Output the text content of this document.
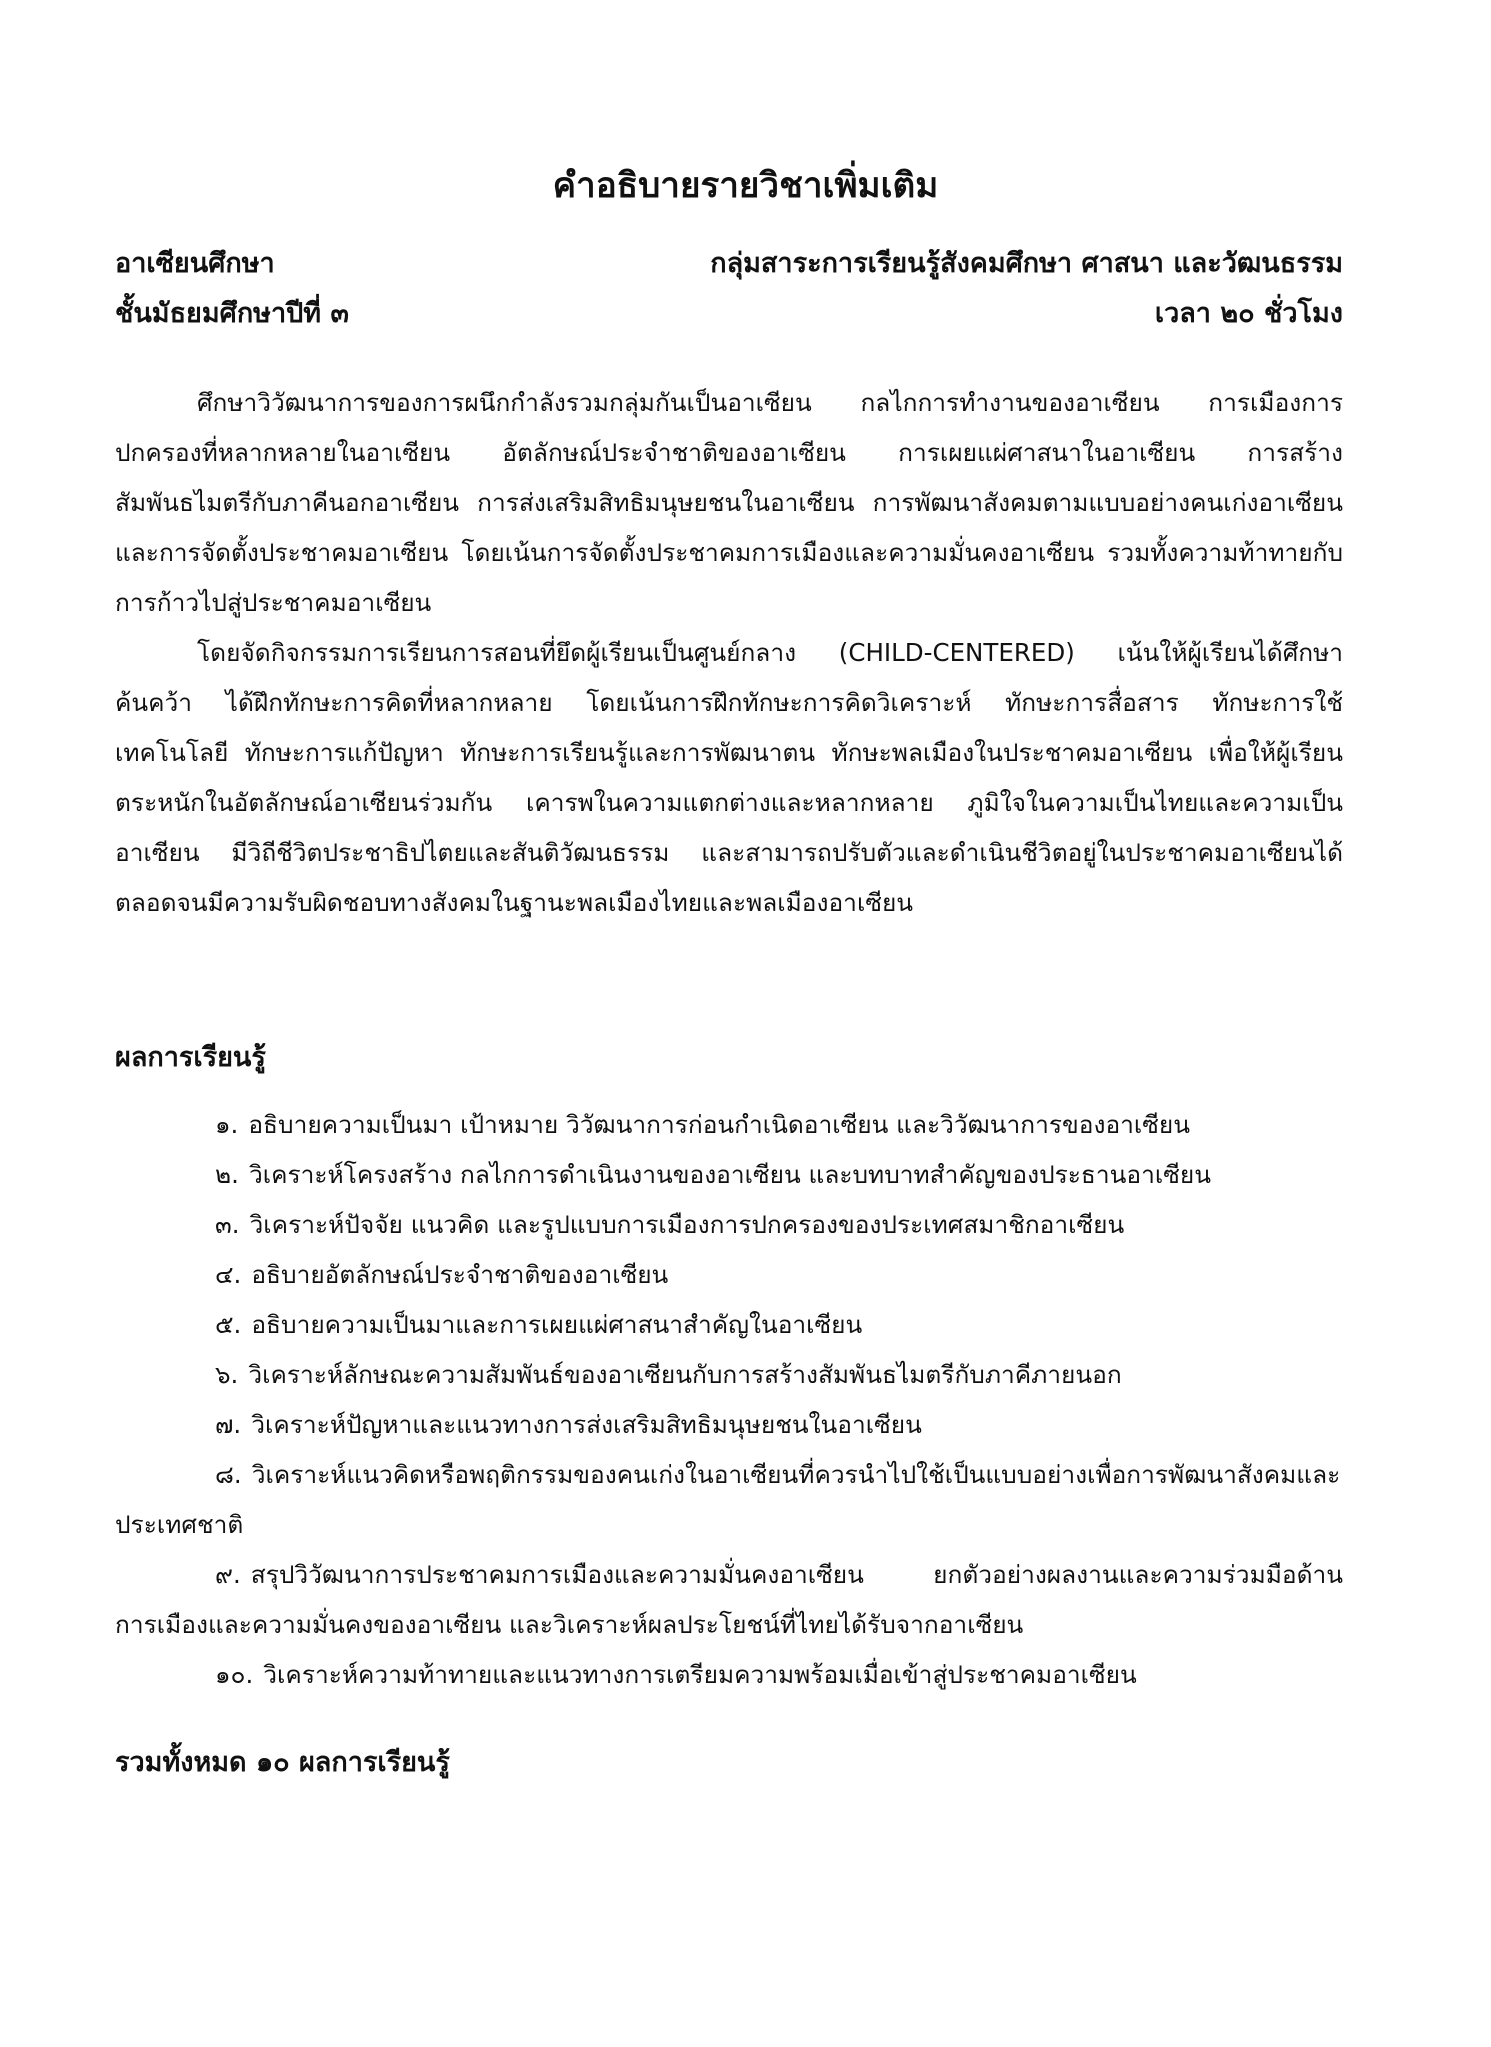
คำอธิบายรายวิชาเพิ่มเติม
อาเซียนศึกษา	กลุ่มสาระการเรียนรู้สังคมศึกษา ศาสนา และวัฒนธรรม
ชั้นมัธยมศึกษาปีที่ ๓	เวลา ๒๐ ชั่วโมง

ศึกษาวิวัฒนาการของการผนึกกำลังรวมกลุ่มกันเป็นอาเซียน กลไกการทำงานของอาเซียน การเมืองการปกครองที่หลากหลายในอาเซียน อัตลักษณ์ประจำชาติของอาเซียน การเผยแผ่ศาสนาในอาเซียน การสร้างสัมพันธไมตรีกับภาคีนอกอาเซียน การส่งเสริมสิทธิมนุษยชนในอาเซียน การพัฒนาสังคมตามแบบอย่างคนเก่งอาเซียน และการจัดตั้งประชาคมอาเซียน โดยเน้นการจัดตั้งประชาคมการเมืองและความมั่นคงอาเซียน รวมทั้งความท้าทายกับการก้าวไปสู่ประชาคมอาเซียน

โดยจัดกิจกรรมการเรียนการสอนที่ยึดผู้เรียนเป็นศูนย์กลาง (CHILD-CENTERED) เน้นให้ผู้เรียนได้ศึกษา ค้นคว้า ได้ฝึกทักษะการคิดที่หลากหลาย โดยเน้นการฝึกทักษะการคิดวิเคราะห์ ทักษะการสื่อสาร ทักษะการใช้เทคโนโลยี ทักษะการแก้ปัญหา ทักษะการเรียนรู้และการพัฒนาตน ทักษะพลเมืองในประชาคมอาเซียน เพื่อให้ผู้เรียนตระหนักในอัตลักษณ์อาเซียนร่วมกัน เคารพในความแตกต่างและหลากหลาย ภูมิใจในความเป็นไทยและความเป็นอาเซียน มีวิถีชีวิตประชาธิปไตยและสันติวัฒนธรรม และสามารถปรับตัวและดำเนินชีวิตอยู่ในประชาคมอาเซียนได้ ตลอดจนมีความรับผิดชอบทางสังคมในฐานะพลเมืองไทยและพลเมืองอาเซียน

ผลการเรียนรู้
๑. อธิบายความเป็นมา เป้าหมาย วิวัฒนาการก่อนกำเนิดอาเซียน และวิวัฒนาการของอาเซียน
๒. วิเคราะห์โครงสร้าง กลไกการดำเนินงานของอาเซียน และบทบาทสำคัญของประธานอาเซียน
๓. วิเคราะห์ปัจจัย แนวคิด และรูปแบบการเมืองการปกครองของประเทศสมาชิกอาเซียน
๔. อธิบายอัตลักษณ์ประจำชาติของอาเซียน
๕. อธิบายความเป็นมาและการเผยแผ่ศาสนาสำคัญในอาเซียน
๖. วิเคราะห์ลักษณะความสัมพันธ์ของอาเซียนกับการสร้างสัมพันธไมตรีกับภาคีภายนอก
๗. วิเคราะห์ปัญหาและแนวทางการส่งเสริมสิทธิมนุษยชนในอาเซียน
๘. วิเคราะห์แนวคิดหรือพฤติกรรมของคนเก่งในอาเซียนที่ควรนำไปใช้เป็นแบบอย่างเพื่อการพัฒนาสังคมและประเทศชาติ
๙. สรุปวิวัฒนาการประชาคมการเมืองและความมั่นคงอาเซียน ยกตัวอย่างผลงานและความร่วมมือด้านการเมืองและความมั่นคงของอาเซียน และวิเคราะห์ผลประโยชน์ที่ไทยได้รับจากอาเซียน
๑๐. วิเคราะห์ความท้าทายและแนวทางการเตรียมความพร้อมเมื่อเข้าสู่ประชาคมอาเซียน
รวมทั้งหมด ๑๐ ผลการเรียนรู้
